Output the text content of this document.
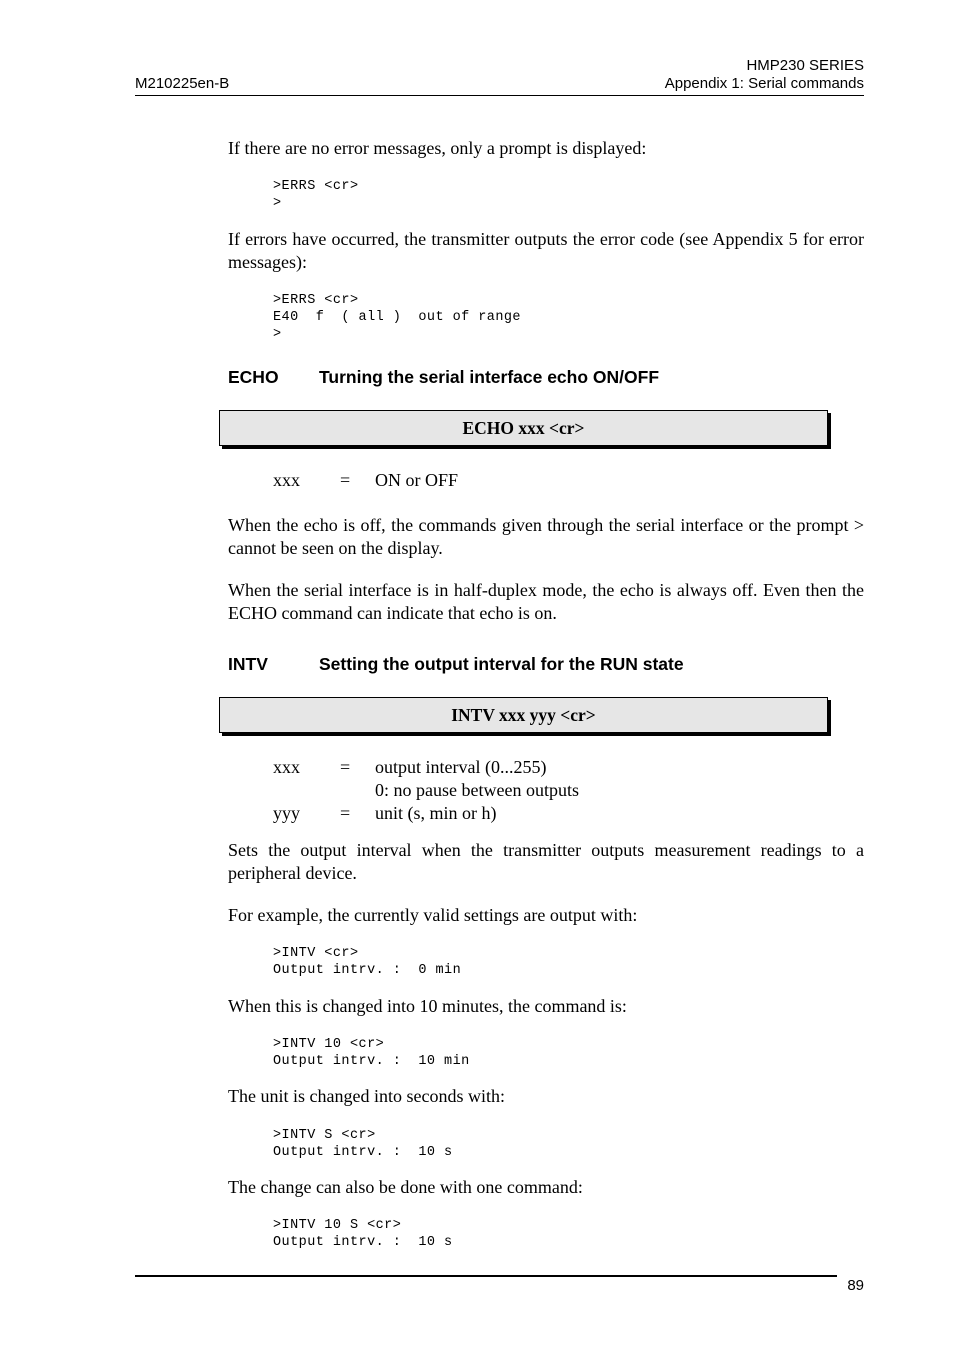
M210225en-B
HMP230 SERIES
Appendix 1: Serial commands
If there are no error messages, only a prompt is displayed:
>ERRS <cr>
>
If errors have occurred, the transmitter outputs the error code (see Appendix 5 for error messages):
>ERRS <cr>
E40  f  ( all )  out of range
>
ECHO Turning the serial interface echo ON/OFF
ECHO xxx <cr>
xxx = ON or OFF
When the echo is off, the commands given through the serial interface or the prompt > cannot be seen on the display.
When the serial interface is in half-duplex mode, the echo is always off. Even then the ECHO command can indicate that echo is on.
INTV	Setting the output interval for the RUN state
INTV xxx yyy <cr>
xxx = output interval (0...255)
0: no pause between outputs
yyy = unit (s, min or h)
Sets the output interval when the transmitter outputs measurement readings to a peripheral device.
For example, the currently valid settings are output with:
>INTV <cr>
Output intrv. :  0 min
When this is changed into 10 minutes, the command is:
>INTV 10 <cr>
Output intrv. :  10 min
The unit is changed into seconds with:
>INTV S <cr>
Output intrv. :  10 s
The change can also be done with one command:
>INTV 10 S <cr>
Output intrv. :  10 s
89
